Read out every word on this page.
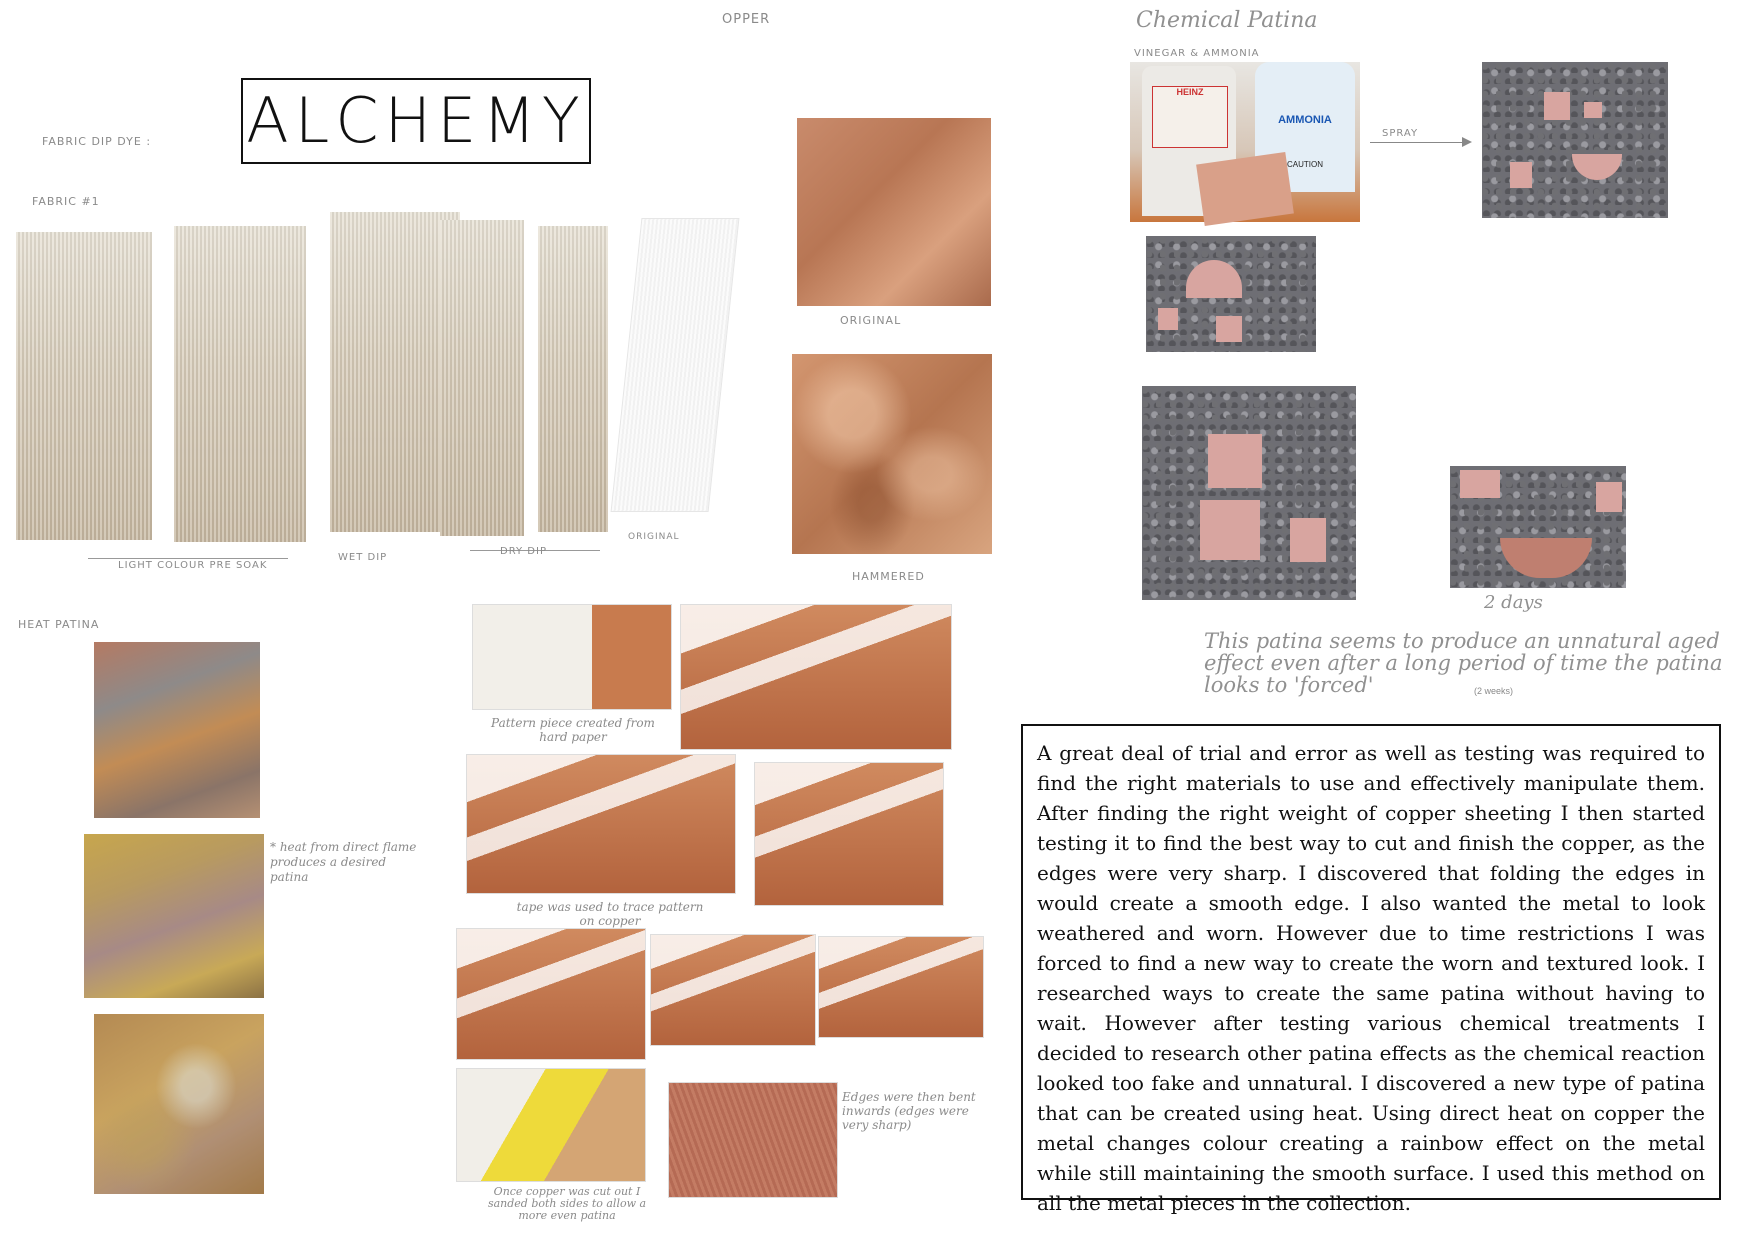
ALCHEMY
FABRIC DIP DYE :
FABRIC #1
LIGHT COLOUR PRE SOAK
WET DIP
DRY DIP
ORIGINAL
OPPER
ORIGINAL
HAMMERED
Chemical Patina
VINEGAR & AMMONIA
HEINZ
AMMONIA
CAUTION
SPRAY
2 days
This patina seems to produce an unnatural aged
effect even after a long period of time the patina
looks to 'forced'	(2 weeks)
HEAT PATINA
* heat from direct flame produces a desired patina
Pattern piece created from hard paper
tape was used to trace pattern on copper
Once copper was cut out I sanded both sides to allow a more even patina
Edges were then bent inwards (edges were very sharp)
A great deal of trial and error as well as testing was required to find the right materials to use and effectively manipulate them. After finding the right weight of copper sheeting I then started testing it to find the best way to cut and finish the copper, as the edges were very sharp. I discovered that folding the edges in would create a smooth edge. I also wanted the metal to look weathered and worn. However due to time restrictions I was forced to find a new way to create the worn and textured look. I researched ways to create the same patina without having to wait. However after testing various chemical treatments I decided to research other patina effects as the chemical reaction looked too fake and unnatural. I discovered a new type of patina that can be created using heat. Using direct heat on copper the metal changes colour creating a rainbow effect on the metal while still maintaining the smooth surface. I used this method on all the metal pieces in the collection.
